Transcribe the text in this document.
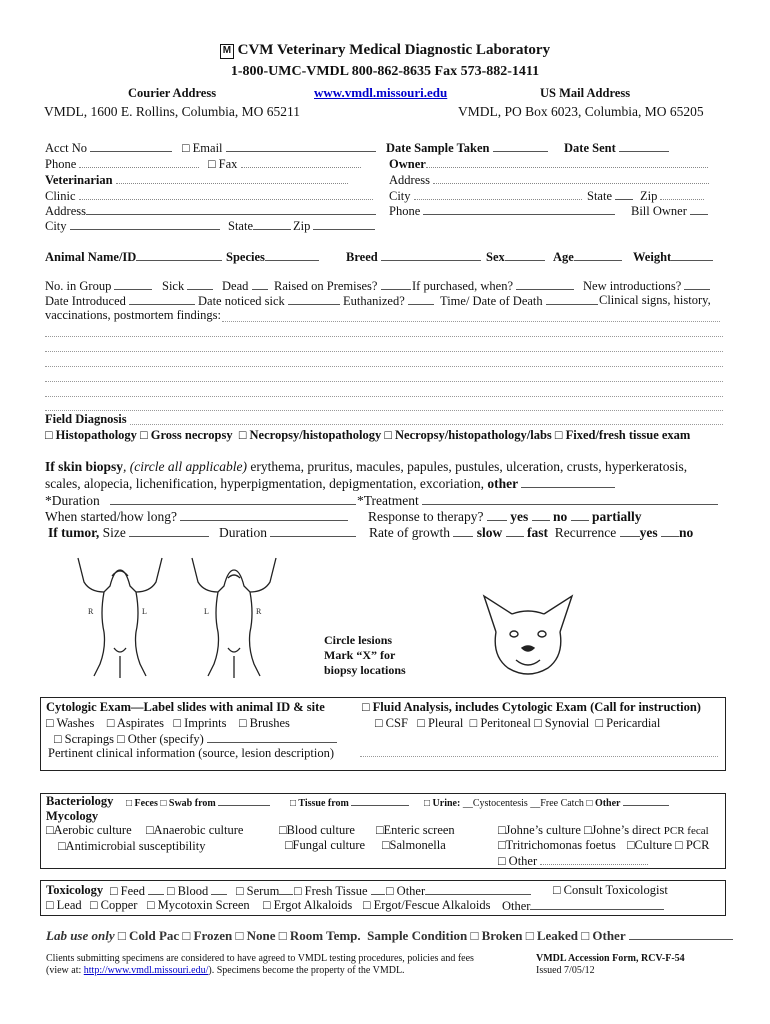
M CVM Veterinary Medical Diagnostic Laboratory
1-800-UMC-VMDL 800-862-8635 Fax 573-882-1411
Courier Address	www.vmdl.missouri.edu	US Mail Address
VMDL, 1600 E. Rollins, Columbia, MO 65211	VMDL, PO Box 6023, Columbia, MO 65205
Acct No	□ Email
Phone	□ Fax
Veterinarian
Clinic
Address
City	State	Zip
Date Sample Taken	Date Sent
Owner
Address
City	State	Zip
Phone	Bill Owner
Animal Name/ID	Species	Breed	Sex	Age	Weight
No. in Group	Sick	Dead	Raised on Premises?	If purchased, when?	New introductions?
Date Introduced	Date noticed sick	Euthanized?	Time/ Date of Death	Clinical signs, history,
vaccinations, postmortem findings:
Field Diagnosis
□ Histopathology □ Gross necropsy □ Necropsy/histopathology □ Necropsy/histopathology/labs □ Fixed/fresh tissue exam
If skin biopsy, (circle all applicable) erythema, pruritus, macules, papules, pustules, ulceration, crusts, hyperkeratosis,
scales, alopecia, lichenification, hyperpigmentation, depigmentation, excoriation, other
*Duration	*Treatment
When started/how long?	Response to therapy? yes no partially
If tumor, Size	Duration	Rate of growth slow fast Recurrence yes no
R	L	L	R
Circle lesions
Mark “X” for
biopsy locations
Cytologic Exam—Label slides with animal ID & site	□ Fluid Analysis, includes Cytologic Exam (Call for instruction)
□ Washes □ Aspirates □ Imprints □ Brushes	□ CSF □ Pleural □ Peritoneal □ Synovial □ Pericardial
□ Scrapings □ Other (specify)
Pertinent clinical information (source, lesion description)
Bacteriology □ Feces □ Swab from	□ Tissue from	□ Urine: __Cystocentesis __Free Catch □ Other
Mycology
□Aerobic culture □Anaerobic culture	□Blood culture □Enteric screen	□Johne’s culture □Johne’s direct PCR fecal
□Antimicrobial susceptibility	□Fungal culture □Salmonella	□Tritrichomonas foetus □Culture □ PCR
□ Other
Toxicology □ Feed	□ Blood	□ Serum	□ Fresh Tissue	□ Other	□ Consult Toxicologist
□ Lead □ Copper □ Mycotoxin Screen □ Ergot Alkaloids □ Ergot/Fescue Alkaloids Other
Lab use only □ Cold Pac □ Frozen □ None □ Room Temp. Sample Condition □ Broken □ Leaked □ Other
Clients submitting specimens are considered to have agreed to VMDL testing procedures, policies and fees
(view at: http://www.vmdl.missouri.edu/). Specimens become the property of the VMDL.
VMDL Accession Form, RCV-F-54
Issued 7/05/12
